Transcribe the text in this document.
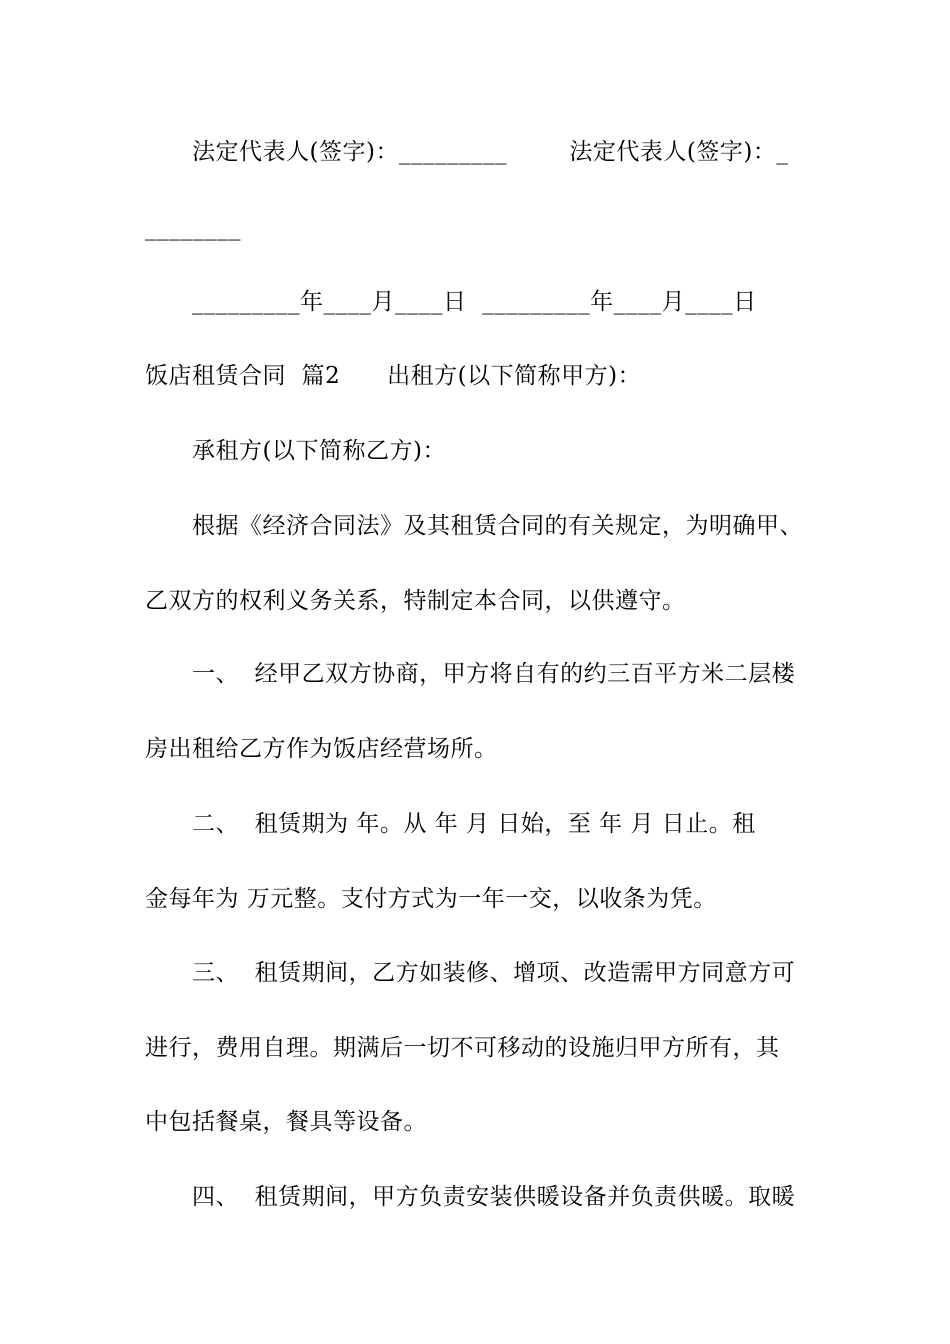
法定代表人(签字)：_________        法定代表人(签字)：_
________
_________年____月____日  _________年____月____日
饭店租赁合同  篇2      出租方(以下简称甲方)：
承租方(以下简称乙方)：
根据《经济合同法》及其租赁合同的有关规定，为明确甲、
乙双方的权利义务关系，特制定本合同，以供遵守。
一、  经甲乙双方协商，甲方将自有的约三百平方米二层楼
房出租给乙方作为饭店经营场所。
二、  租赁期为 年。从 年 月 日始，至 年 月 日止。租
金每年为 万元整。支付方式为一年一交，以收条为凭。
三、  租赁期间，乙方如装修、增项、改造需甲方同意方可
进行，费用自理。期满后一切不可移动的设施归甲方所有，其
中包括餐桌，餐具等设备。
四、  租赁期间，甲方负责安装供暖设备并负责供暖。取暖
